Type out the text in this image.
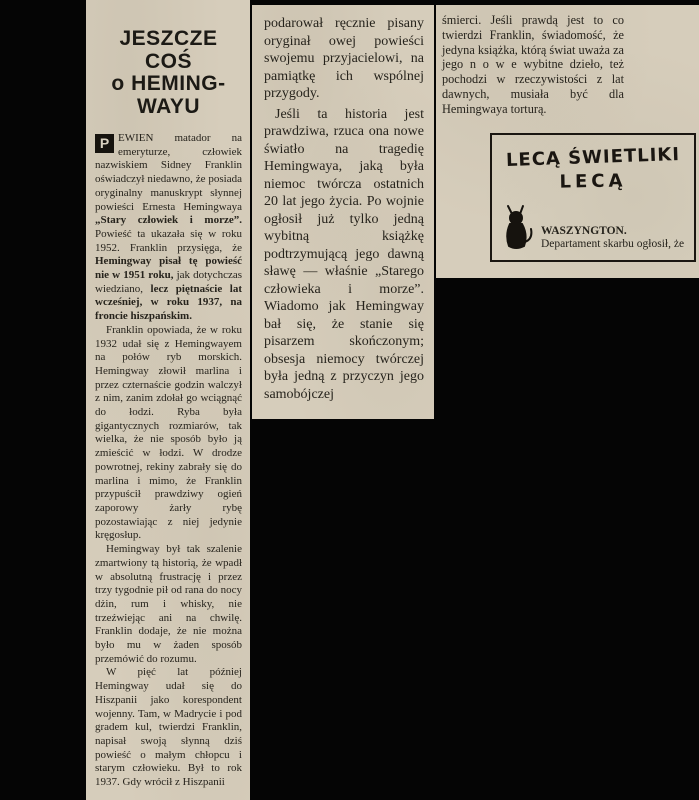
JESZCZE
COŚ
o HEMING-
WAYU

P EWIEN matador na emeryturze, człowiek nazwiskiem Sidney Franklin oświadczył niedawno, że posiada oryginalny manuskrypt słynnej powieści Ernesta Hemingwaya „Stary człowiek i morze”. Powieść ta ukazała się w roku 1952. Franklin przysięga, że Hemingway pisał tę powieść nie w 1951 roku, jak dotychczas wiedziano, lecz piętnaście lat wcześniej, w roku 1937, na froncie hiszpańskim.

Franklin opowiada, że w roku 1932 udał się z Hemingwayem na połów ryb morskich. Hemingway złowił marlina i przez czternaście godzin walczył z nim, zanim zdołał go wciągnąć do łodzi. Ryba była gigantycznych rozmiarów, tak wielka, że nie sposób było ją zmieścić w łodzi. W drodze powrotnej, rekiny zabrały się do marlina i mimo, że Franklin przypuścił prawdziwy ogień zaporowy żarły rybę pozostawiając z niej jedynie kręgosłup.

Hemingway był tak szalenie zmartwiony tą historią, że wpadł w absolutną frustrację i przez trzy tygodnie pił od rana do nocy dżin, rum i whisky, nie trzeźwiejąc ani na chwilę. Franklin dodaje, że nie można było mu w żaden sposób przemówić do rozumu.

W pięć lat później Hemingway udał się do Hiszpanii jako korespondent wojenny. Tam, w Madrycie i pod gradem kul, twierdzi Franklin, napisał swoją słynną dziś powieść o małym chłopcu i starym człowieku. Był to rok 1937. Gdy wrócił z Hiszpanii

podarował ręcznie pisany oryginał owej powieści swojemu przyjacielowi, na pamiątkę ich wspólnej przygody.

Jeśli ta historia jest prawdziwa, rzuca ona nowe światło na tragedię Hemingwaya, jaką była niemoc twórcza ostatnich 20 lat jego życia. Po wojnie ogłosił już tylko jedną wybitną książkę podtrzymującą jego dawną sławę — właśnie „Starego człowieka i morze”. Wiadomo jak Hemingway bał się, że stanie się pisarzem skończonym; obsesja niemocy twórczej była jedną z przyczyn jego samobójczej

śmierci. Jeśli prawdą jest to co twierdzi Franklin, świadomość, że jedyna książka, którą świat uważa za jego n o w e wybitne dzieło, też pochodzi w rzeczywistości z lat dawnych, musiała być dla Hemingwaya torturą.

LECĄ ŚWIETLIKI
LECĄ

WASZYNGTON. Departament skarbu ogłosił, że
